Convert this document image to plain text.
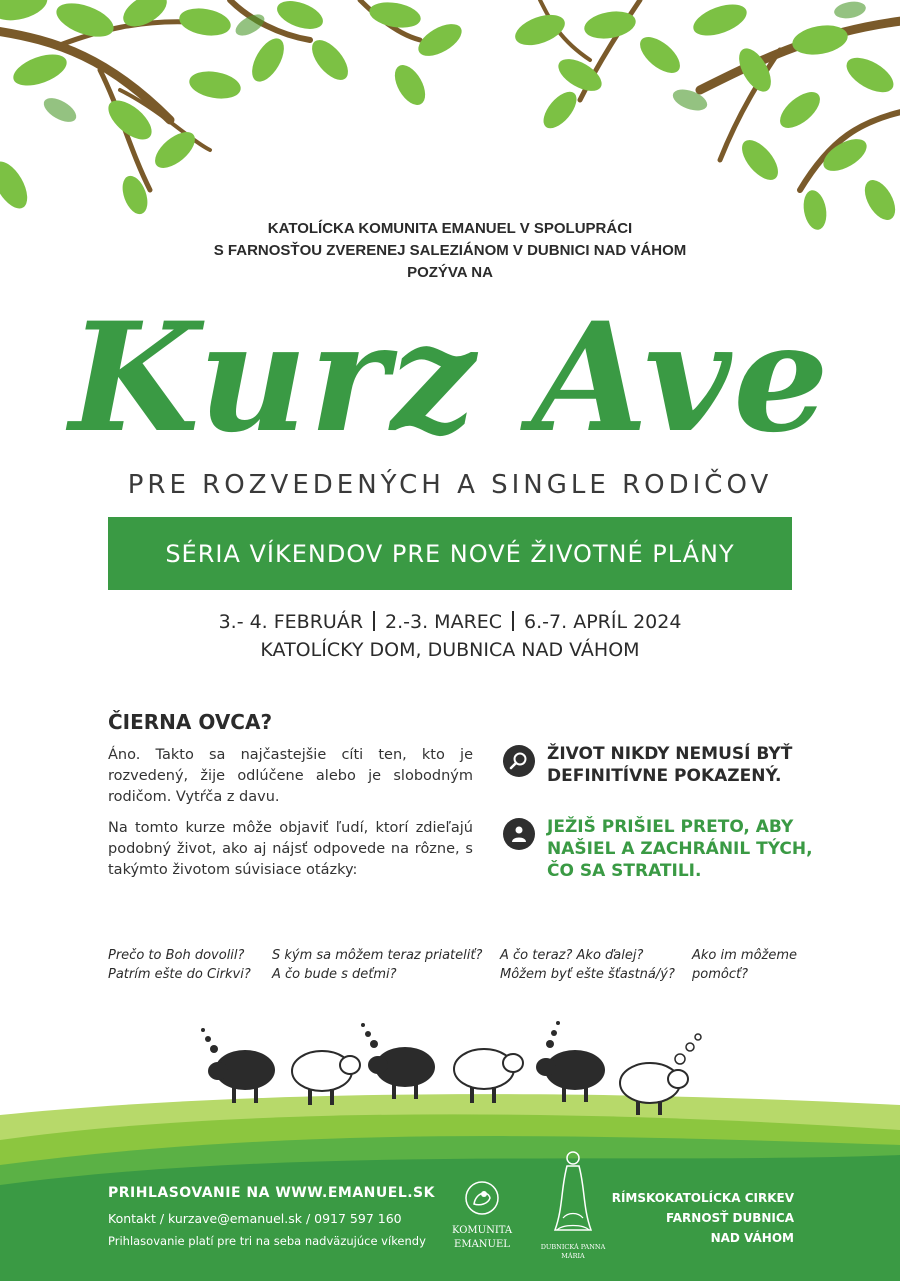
KATOLÍCKA KOMUNITA EMANUEL V SPOLUPRÁCI
S FARNOSŤOU ZVERENEJ SALEZIÁNOM V DUBNICI NAD VÁHOM
POZÝVA NA
Kurz Ave
PRE ROZVEDENÝCH A SINGLE RODIČOV
SÉRIA VÍKENDOV PRE NOVÉ ŽIVOTNÉ PLÁNY
3.- 4. FEBRUÁR 2.-3. MAREC 6.-7. APRÍL 2024
KATOLÍCKY DOM, DUBNICA NAD VÁHOM
ČIERNA OVCA?
Áno. Takto sa najčastejšie cíti ten, kto je rozvedený, žije odlúčene alebo je slobodným rodičom. Vytŕča z davu.
Na tomto kurze môže objaviť ľudí, ktorí zdieľajú podobný život, ako aj nájsť odpovede na rôzne, s takýmto životom súvisiace otázky:
ŽIVOT NIKDY NEMUSÍ BYŤ DEFINITÍVNE POKAZENÝ.
JEŽIŠ PRIŠIEL PRETO, ABY NAŠIEL A ZACHRÁNIL TÝCH, ČO SA STRATILI.
Prečo to Boh dovolil?
Patrím ešte do Cirkvi?
S kým sa môžem teraz priateliť?
A čo bude s deťmi?
A čo teraz? Ako ďalej?
Môžem byť ešte šťastná/ý?
Ako im môžeme
pomôcť?
PRIHLASOVANIE NA WWW.EMANUEL.SK
Kontakt / kurzave@emanuel.sk / 0917 597 160
Prihlasovanie platí pre tri na seba nadväzujúce víkendy
KOMUNITA
EMANUEL	DUBNICKÁ PANNA MÁRIA
RÍMSKOKATOLÍCKA CIRKEV
FARNOSŤ DUBNICA
NAD VÁHOM
